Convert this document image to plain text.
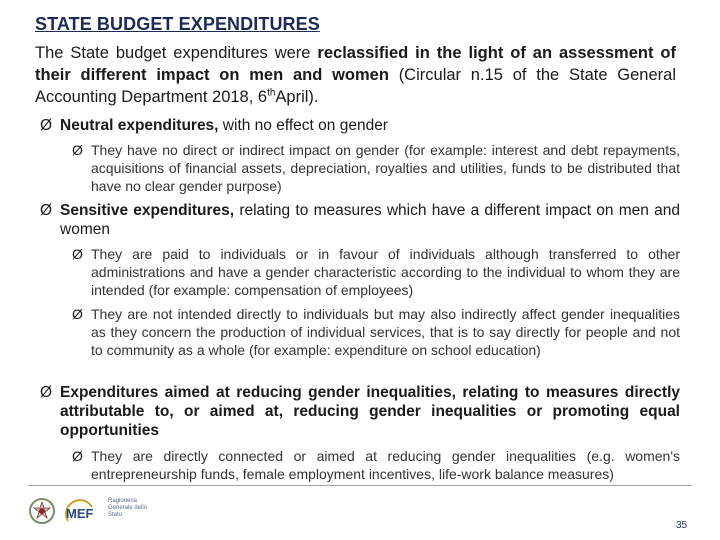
STATE BUDGET EXPENDITURES
The State budget expenditures were reclassified in the light of an assessment of their different impact on men and women (Circular n.15 of the State General Accounting Department 2018, 6thApril).
Ø Neutral expenditures, with no effect on gender
Ø They have no direct or indirect impact on gender (for example: interest and debt repayments, acquisitions of financial assets, depreciation, royalties and utilities, funds to be distributed that have no clear gender purpose)
Ø Sensitive expenditures, relating to measures which have a different impact on men and women
Ø They are paid to individuals or in favour of individuals although transferred to other administrations and have a gender characteristic according to the individual to whom they are intended (for example: compensation of employees)
Ø They are not intended directly to individuals but may also indirectly affect gender inequalities as they concern the production of individual services, that is to say directly for people and not to community as a whole (for example: expenditure on school education)
Ø Expenditures aimed at reducing gender inequalities, relating to measures directly attributable to, or aimed at, reducing gender inequalities or promoting equal opportunities
Ø They are directly connected or aimed at reducing gender inequalities (e.g. women's entrepreneurship funds, female employment incentives, life-work balance measures)
MEF
Ragioneria Generale dello Stato
35
